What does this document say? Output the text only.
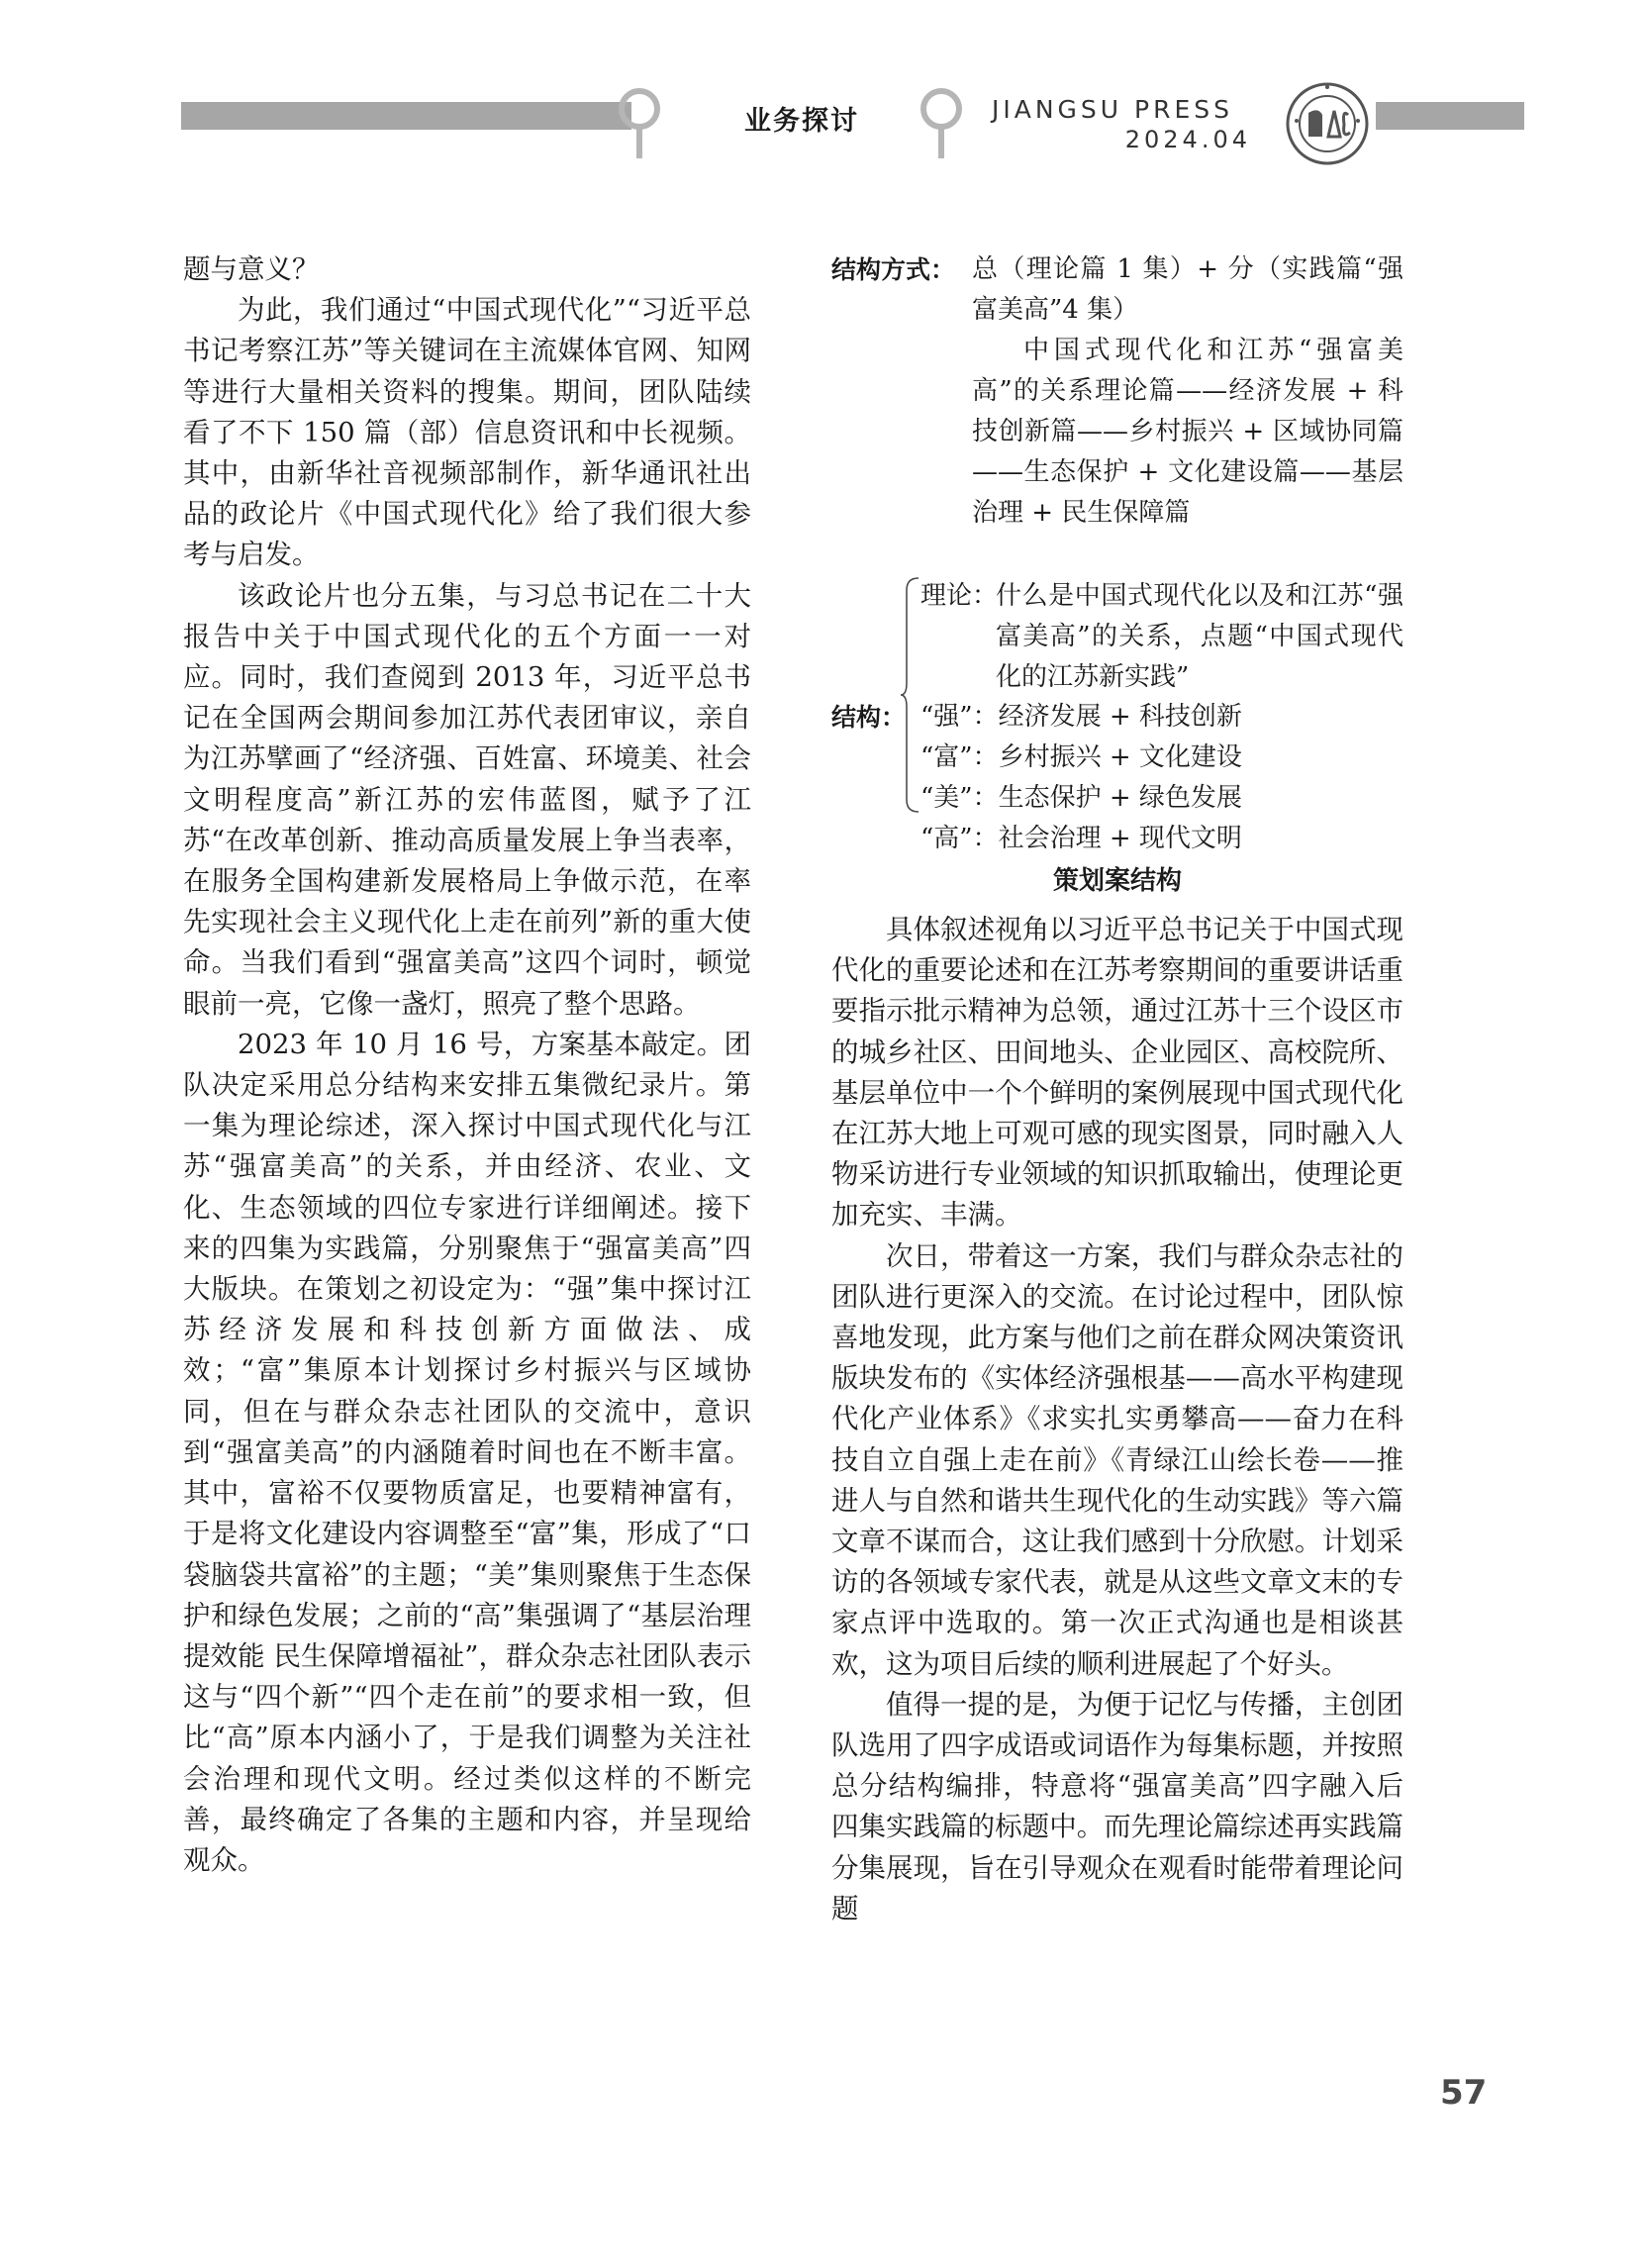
业务探讨	JIANGSU PRESS
2024.04

题与意义？

为此，我们通过“中国式现代化”“习近平总书记考察江苏”等关键词在主流媒体官网、知网等进行大量相关资料的搜集。期间，团队陆续看了不下 150 篇（部）信息资讯和中长视频。其中，由新华社音视频部制作，新华通讯社出品的政论片《中国式现代化》给了我们很大参考与启发。

该政论片也分五集，与习总书记在二十大报告中关于中国式现代化的五个方面一一对应。同时，我们查阅到 2013 年，习近平总书记在全国两会期间参加江苏代表团审议，亲自为江苏擘画了“经济强、百姓富、环境美、社会文明程度高”新江苏的宏伟蓝图，赋予了江苏“在改革创新、推动高质量发展上争当表率，在服务全国构建新发展格局上争做示范，在率先实现社会主义现代化上走在前列”新的重大使命。当我们看到“强富美高”这四个词时，顿觉眼前一亮，它像一盏灯，照亮了整个思路。

2023 年 10 月 16 号，方案基本敲定。团队决定采用总分结构来安排五集微纪录片。第一集为理论综述，深入探讨中国式现代化与江苏“强富美高”的关系，并由经济、农业、文化、生态领域的四位专家进行详细阐述。接下来的四集为实践篇，分别聚焦于“强富美高”四大版块。在策划之初设定为：“强”集中探讨江苏经济发展和科技创新方面做法、成效；“富”集原本计划探讨乡村振兴与区域协同，但在与群众杂志社团队的交流中，意识到“强富美高”的内涵随着时间也在不断丰富。其中，富裕不仅要物质富足，也要精神富有，于是将文化建设内容调整至“富”集，形成了“口袋脑袋共富裕”的主题；“美”集则聚焦于生态保护和绿色发展；之前的“高”集强调了“基层治理提效能 民生保障增福祉”，群众杂志社团队表示这与“四个新”“四个走在前”的要求相一致，但比“高”原本内涵小了，于是我们调整为关注社会治理和现代文明。经过类似这样的不断完善，最终确定了各集的主题和内容，并呈现给观众。

结构方式： 总（理论篇 1 集）+ 分（实践篇“强富美高”4 集）
中国式现代化和江苏“强富美高”的关系理论篇——经济发展 + 科技创新篇——乡村振兴 + 区域协同篇——生态保护 + 文化建设篇——基层治理 + 民生保障篇
结构：
理论：
什么是中国式现代化以及和江苏“强富美高”的关系，点题“中国式现代化的江苏新实践”
“强”：经济发展 + 科技创新
“富”：乡村振兴 + 文化建设
“美”：生态保护 + 绿色发展
“高”：社会治理 + 现代文明
策划案结构

具体叙述视角以习近平总书记关于中国式现代化的重要论述和在江苏考察期间的重要讲话重要指示批示精神为总领，通过江苏十三个设区市的城乡社区、田间地头、企业园区、高校院所、基层单位中一个个鲜明的案例展现中国式现代化在江苏大地上可观可感的现实图景，同时融入人物采访进行专业领域的知识抓取输出，使理论更加充实、丰满。

次日，带着这一方案，我们与群众杂志社的团队进行更深入的交流。在讨论过程中，团队惊喜地发现，此方案与他们之前在群众网决策资讯版块发布的《实体经济强根基——高水平构建现代化产业体系》《求实扎实勇攀高——奋力在科技自立自强上走在前》《青绿江山绘长卷——推进人与自然和谐共生现代化的生动实践》等六篇文章不谋而合，这让我们感到十分欣慰。计划采访的各领域专家代表，就是从这些文章文末的专家点评中选取的。第一次正式沟通也是相谈甚欢，这为项目后续的顺利进展起了个好头。

值得一提的是，为便于记忆与传播，主创团队选用了四字成语或词语作为每集标题，并按照总分结构编排，特意将“强富美高”四字融入后四集实践篇的标题中。而先理论篇综述再实践篇分集展现，旨在引导观众在观看时能带着理论问题

57
